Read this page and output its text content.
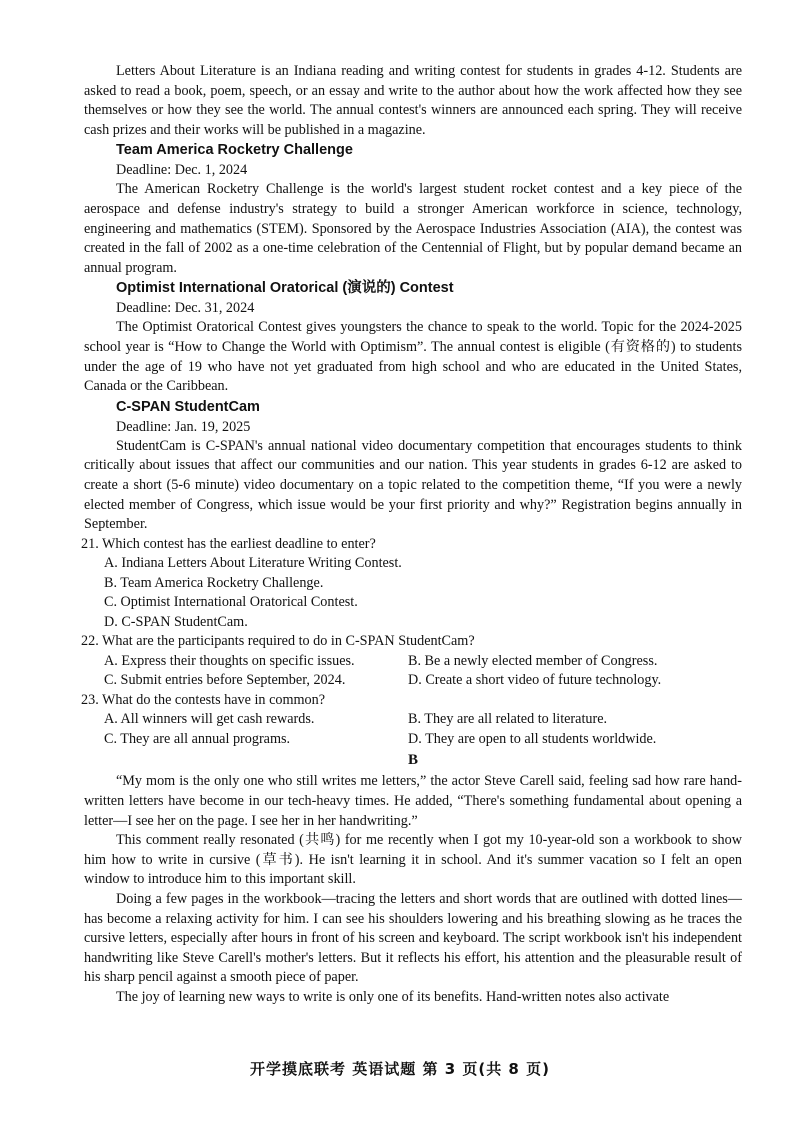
Letters About Literature is an Indiana reading and writing contest for students in grades 4-12. Students are asked to read a book, poem, speech, or an essay and write to the author about how the work affected how they see themselves or how they see the world. The annual contest's winners are announced each spring. They will receive cash prizes and their works will be published in a magazine.

Team America Rocketry Challenge
Deadline: Dec. 1, 2024

The American Rocketry Challenge is the world's largest student rocket contest and a key piece of the aerospace and defense industry's strategy to build a stronger American workforce in science, technology, engineering and mathematics (STEM). Sponsored by the Aerospace Industries Association (AIA), the contest was created in the fall of 2002 as a one-time celebration of the Centennial of Flight, but by popular demand became an annual program.

Optimist International Oratorical (演说的) Contest
Deadline: Dec. 31, 2024

The Optimist Oratorical Contest gives youngsters the chance to speak to the world. Topic for the 2024-2025 school year is “How to Change the World with Optimism”. The annual contest is eligible (有资格的) to students under the age of 19 who have not yet graduated from high school and who are educated in the United States, Canada or the Caribbean.

C-SPAN StudentCam
Deadline: Jan. 19, 2025

StudentCam is C-SPAN's annual national video documentary competition that encourages students to think critically about issues that affect our communities and our nation. This year students in grades 6-12 are asked to create a short (5-6 minute) video documentary on a topic related to the competition theme, “If you were a newly elected member of Congress, which issue would be your first priority and why?” Registration begins annually in September.

21. Which contest has the earliest deadline to enter?
A. Indiana Letters About Literature Writing Contest.
B. Team America Rocketry Challenge.
C. Optimist International Oratorical Contest.
D. C-SPAN StudentCam.
22. What are the participants required to do in C-SPAN StudentCam?
A. Express their thoughts on specific issues.	B. Be a newly elected member of Congress.
C. Submit entries before September, 2024.	D. Create a short video of future technology.
23. What do the contests have in common?
A. All winners will get cash rewards.	B. They are all related to literature.
C. They are all annual programs.	D. They are open to all students worldwide.
B

“My mom is the only one who still writes me letters,” the actor Steve Carell said, feeling sad how rare hand-written letters have become in our tech-heavy times. He added, “There's something fundamental about opening a letter—I see her on the page. I see her in her handwriting.”

This comment really resonated (共鸣) for me recently when I got my 10-year-old son a workbook to show him how to write in cursive (草书). He isn't learning it in school. And it's summer vacation so I felt an open window to introduce him to this important skill.

Doing a few pages in the workbook—tracing the letters and short words that are outlined with dotted lines—has become a relaxing activity for him. I can see his shoulders lowering and his breathing slowing as he traces the cursive letters, especially after hours in front of his screen and keyboard. The script workbook isn't his independent handwriting like Steve Carell's mother's letters. But it reflects his effort, his attention and the pleasurable result of his sharp pencil against a smooth piece of paper.

The joy of learning new ways to write is only one of its benefits. Hand-written notes also activate

开学摸底联考 英语试题 第 3 页(共 8 页)
